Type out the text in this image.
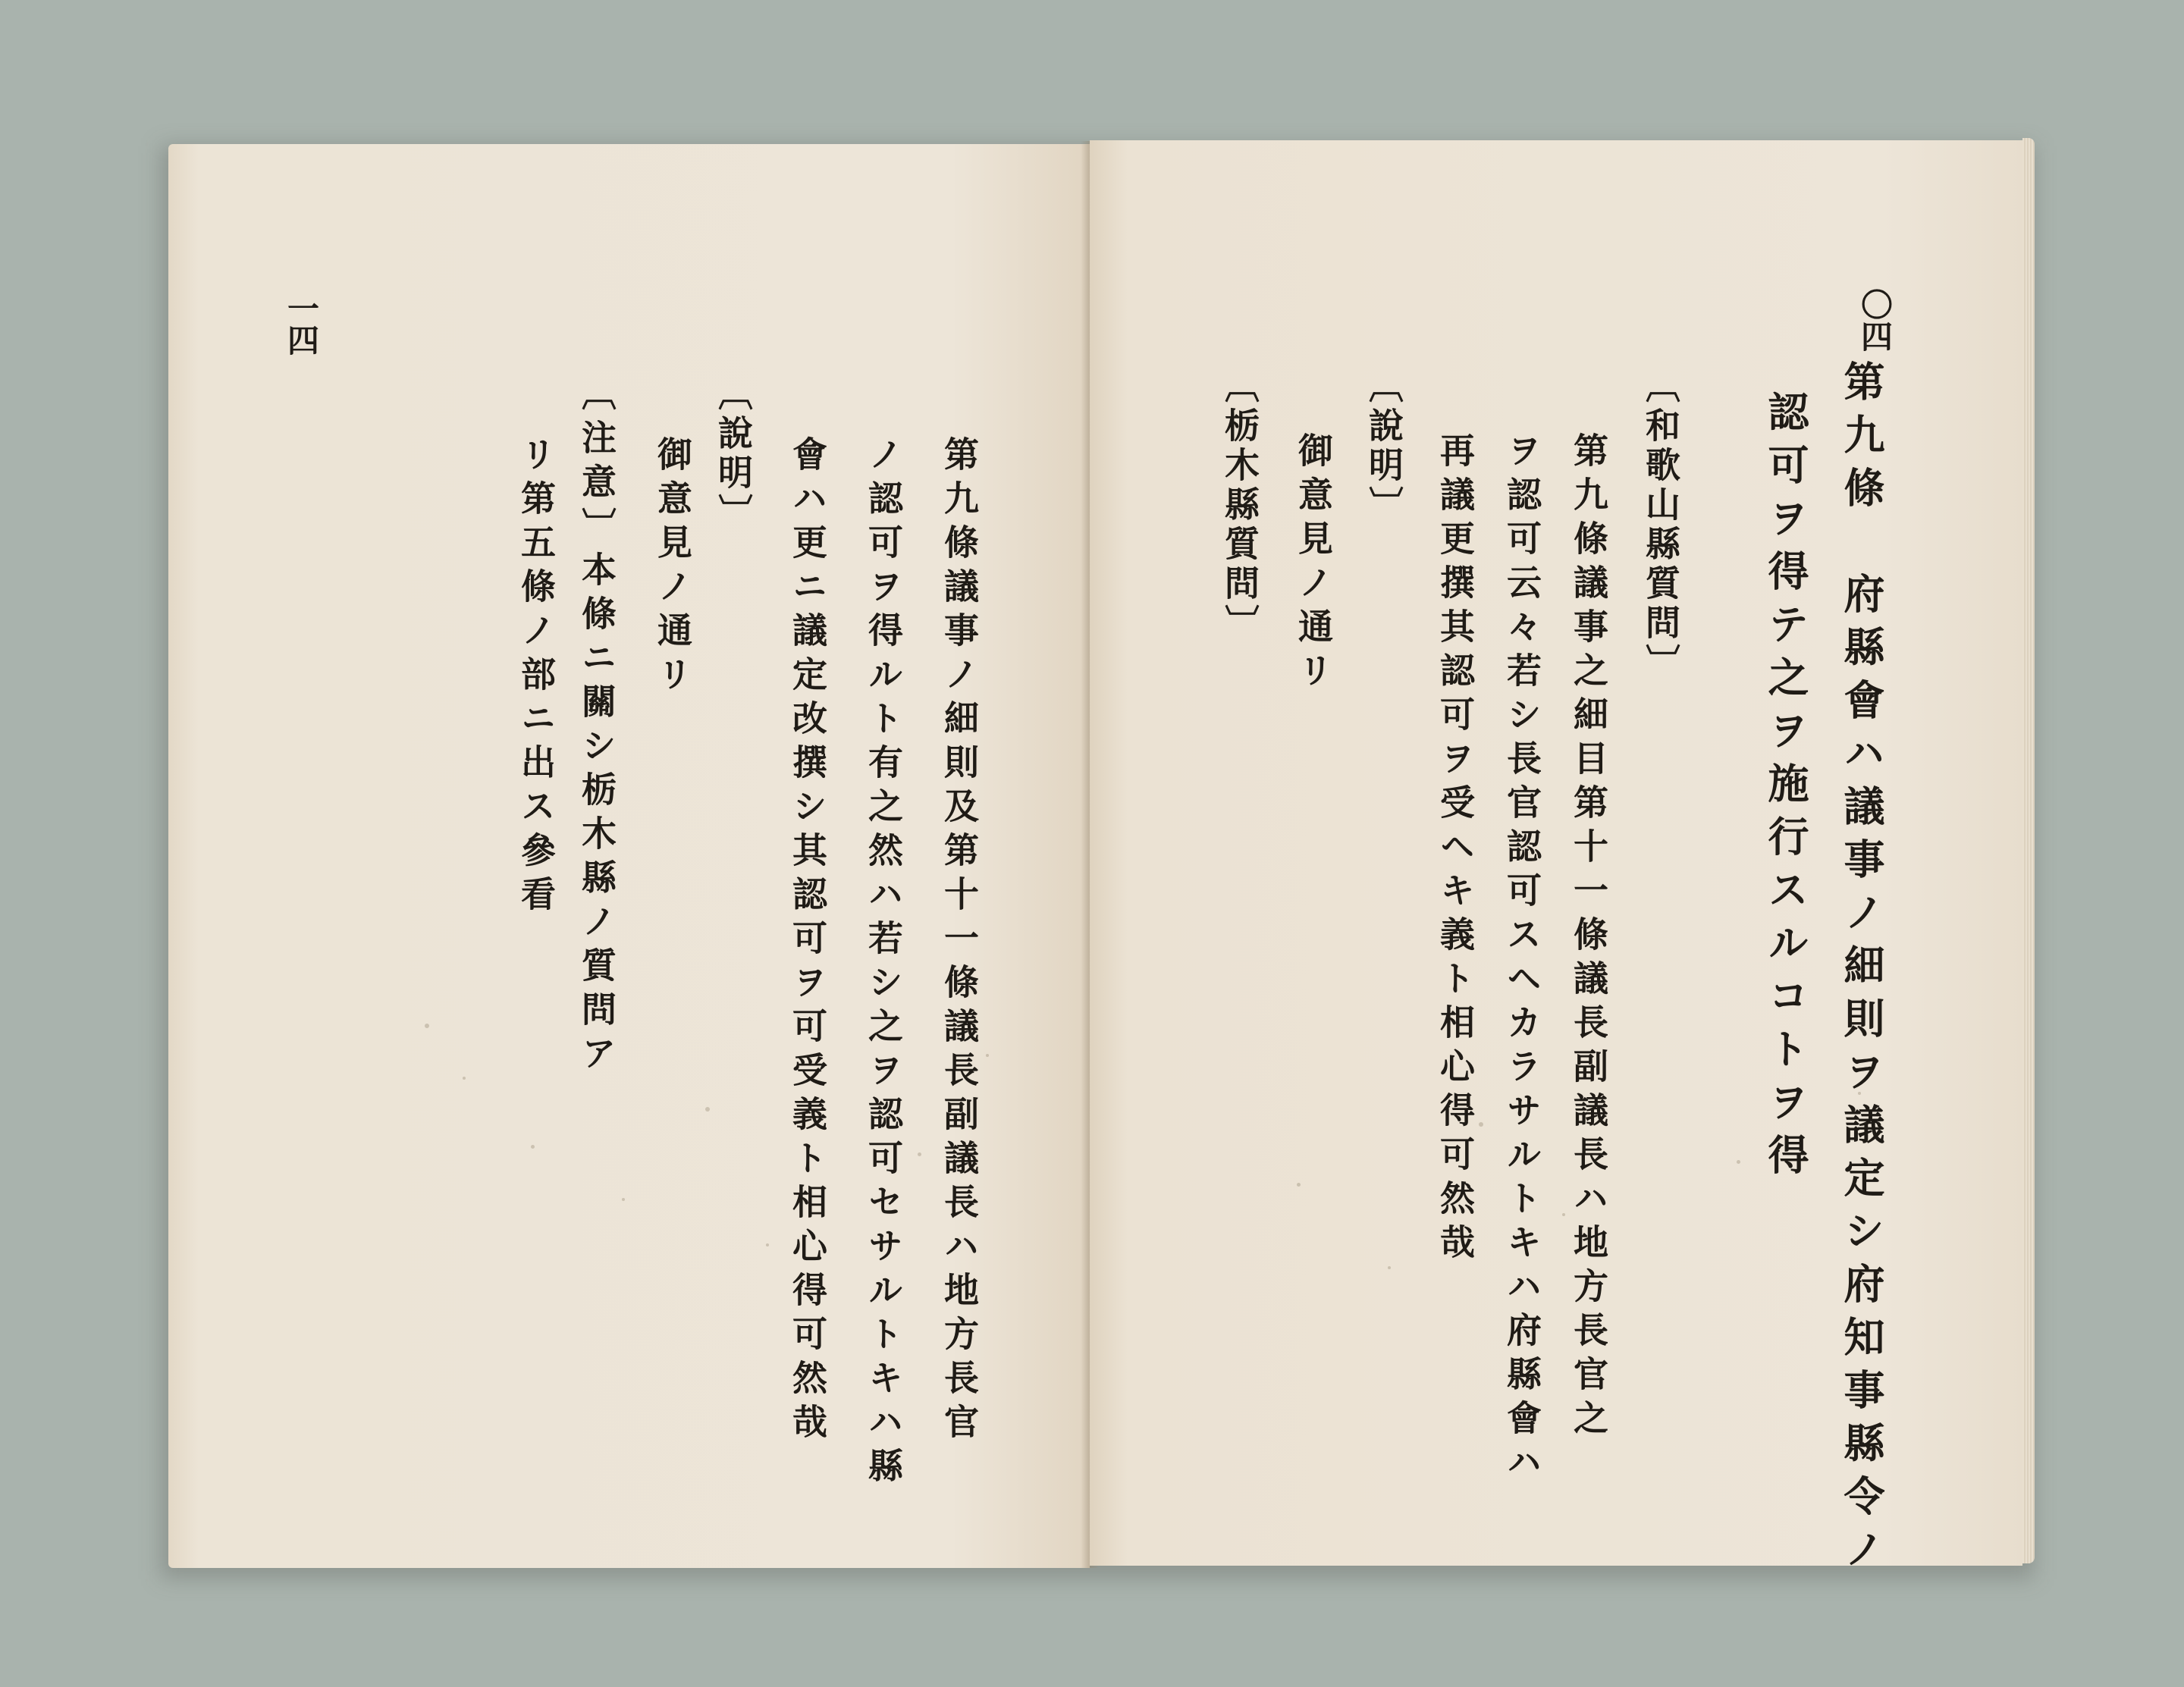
一四
第九條議事ノ細則及第十一條議長副議長ハ地方長官
ノ認可ヲ得ルト有之然ハ若シ之ヲ認可セサルトキハ縣
會ハ更ニ議定改撰シ其認可ヲ可受義ト相心得可然哉
〔說明〕
御意見ノ通リ
〔注意〕本條ニ關シ栃木縣ノ質問ア
リ第五條ノ部ニ出ス參看
〇四
第九條　府縣會ハ議事ノ細則ヲ議定シ府知事縣令ノ
認可ヲ得テ之ヲ施行スルコトヲ得
〔和歌山縣質問〕
第九條議事之細目第十一條議長副議長ハ地方長官之
ヲ認可云々若シ長官認可スヘカラサルトキハ府縣會ハ
再議更撰其認可ヲ受ヘキ義ト相心得可然哉
〔說明〕
御意見ノ通リ
〔栃木縣質問〕
